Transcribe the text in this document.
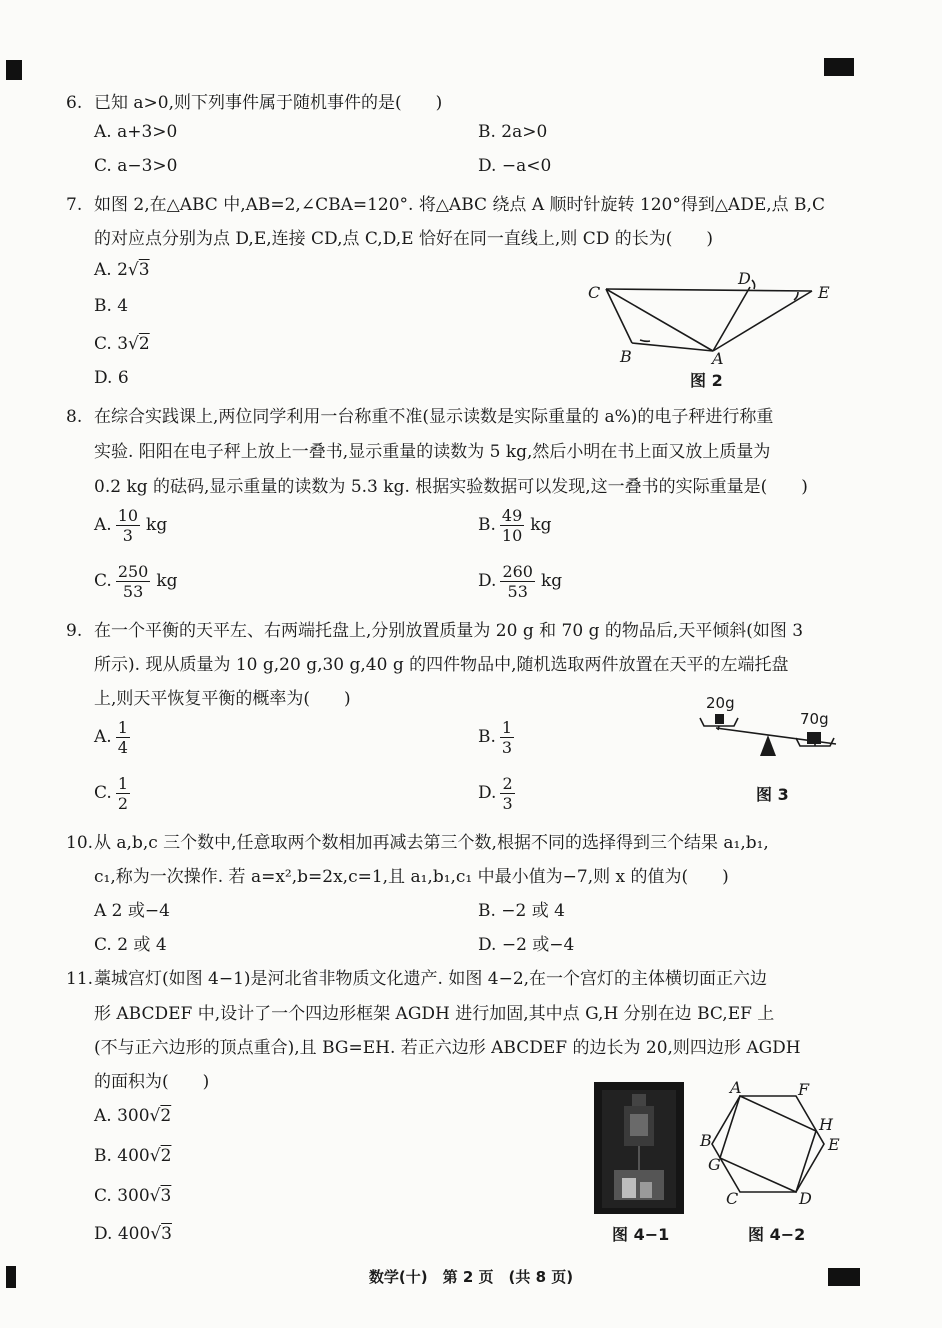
6. 已知 a>0,则下列事件属于随机事件的是(　　)
A. a+3>0	B. 2a>0
C. a−3>0	D. −a<0
7. 如图 2,在△ABC 中,AB=2,∠CBA=120°. 将△ABC 绕点 A 顺时针旋转 120°得到△ADE,点 B,C
的对应点分别为点 D,E,连接 CD,点 C,D,E 恰好在同一直线上,则 CD 的长为(　　)
A. 2√3
B. 4
C. 3√2
D. 6
C
D
E
B	A
图 2
8. 在综合实践课上,两位同学利用一台称重不准(显示读数是实际重量的 a%)的电子秤进行称重
实验. 阳阳在电子秤上放上一叠书,显示重量的读数为 5 kg,然后小明在书上面又放上质量为
0.2 kg 的砝码,显示重量的读数为 5.3 kg. 根据实验数据可以发现,这一叠书的实际重量是(　　)
A. $\frac{10}{3}$ kg	B. $\frac{49}{10}$ kg
C. $\frac{250}{53}$ kg	D. $\frac{260}{53}$ kg
9. 在一个平衡的天平左、右两端托盘上,分别放置质量为 20 g 和 70 g 的物品后,天平倾斜(如图 3
所示). 现从质量为 10 g,20 g,30 g,40 g 的四件物品中,随机选取两件放置在天平的左端托盘
上,则天平恢复平衡的概率为(　　)
A. $\frac{1}{4}$	B. $\frac{1}{3}$
C. $\frac{1}{2}$	D. $\frac{2}{3}$
20g
70g
图 3
10.从 a,b,c 三个数中,任意取两个数相加再减去第三个数,根据不同的选择得到三个结果 a₁,b₁,
c₁,称为一次操作. 若 a=x²,b=2x,c=1,且 a₁,b₁,c₁ 中最小值为−7,则 x 的值为(　　)
A 2 或−4	B. −2 或 4
C. 2 或 4	D. −2 或−4
11.藁城宫灯(如图 4−1)是河北省非物质文化遗产. 如图 4−2,在一个宫灯的主体横切面正六边
形 ABCDEF 中,设计了一个四边形框架 AGDH 进行加固,其中点 G,H 分别在边 BC,EF 上
(不与正六边形的顶点重合),且 BG=EH. 若正六边形 ABCDEF 的边长为 20,则四边形 AGDH
的面积为(　　)
A. 300√2
B. 400√2
C. 300√3
D. 400√3	图 4−1
A	F
H
B	E
G
C	D
图 4−2
数学(十)　第 2 页　(共 8 页)
